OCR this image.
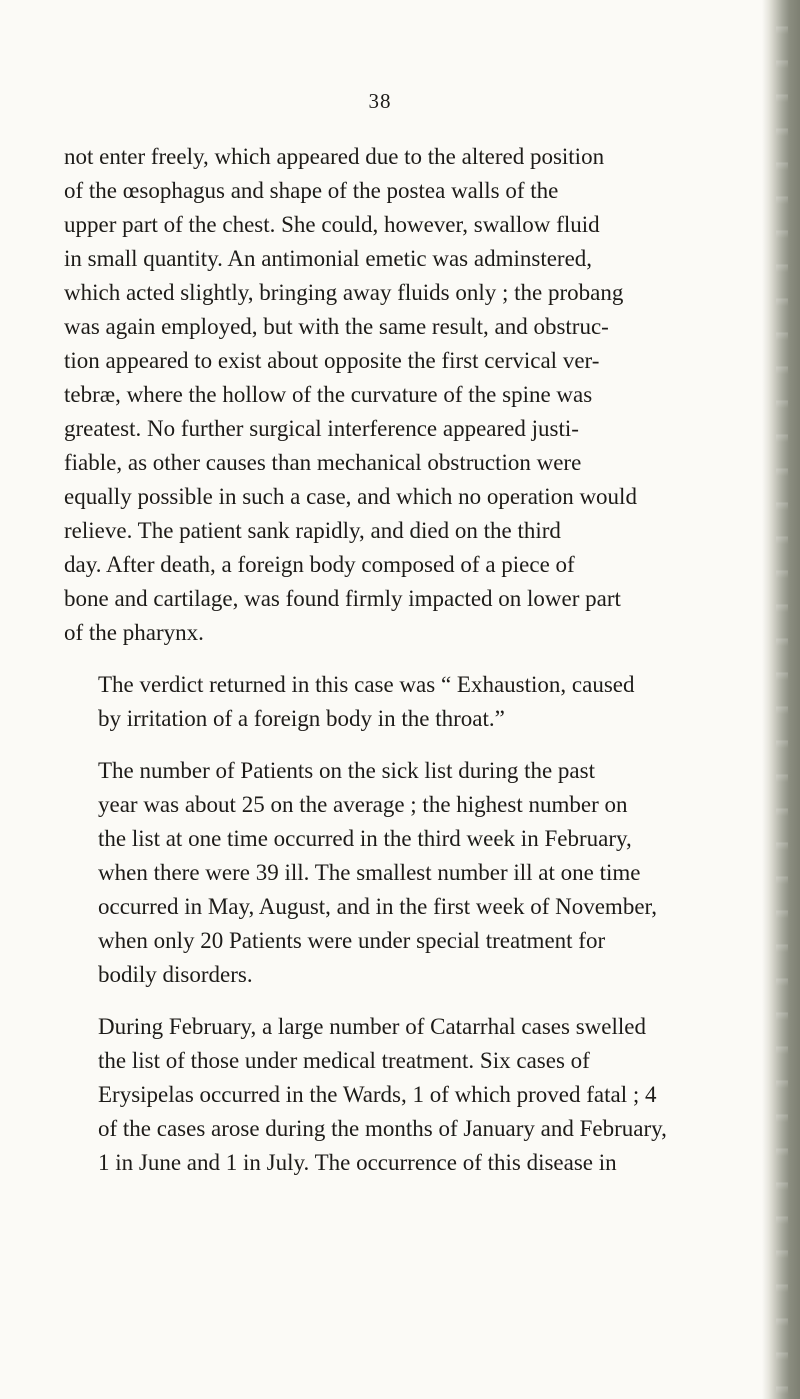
38

not enter freely, which appeared due to the altered position
of the œsophagus and shape of the postea walls of the
upper part of the chest. She could, however, swallow fluid
in small quantity. An antimonial emetic was adminstered,
which acted slightly, bringing away fluids only ; the probang
was again employed, but with the same result, and obstruc-
tion appeared to exist about opposite the first cervical ver-
tebræ, where the hollow of the curvature of the spine was
greatest. No further surgical interference appeared justi-
fiable, as other causes than mechanical obstruction were
equally possible in such a case, and which no operation would
relieve. The patient sank rapidly, and died on the third
day. After death, a foreign body composed of a piece of
bone and cartilage, was found firmly impacted on lower part
of the pharynx.

The verdict returned in this case was “ Exhaustion, caused
by irritation of a foreign body in the throat.”

The number of Patients on the sick list during the past
year was about 25 on the average ; the highest number on
the list at one time occurred in the third week in February,
when there were 39 ill. The smallest number ill at one time
occurred in May, August, and in the first week of November,
when only 20 Patients were under special treatment for
bodily disorders.

During February, a large number of Catarrhal cases swelled
the list of those under medical treatment. Six cases of
Erysipelas occurred in the Wards, 1 of which proved fatal ; 4
of the cases arose during the months of January and February,
1 in June and 1 in July. The occurrence of this disease in
